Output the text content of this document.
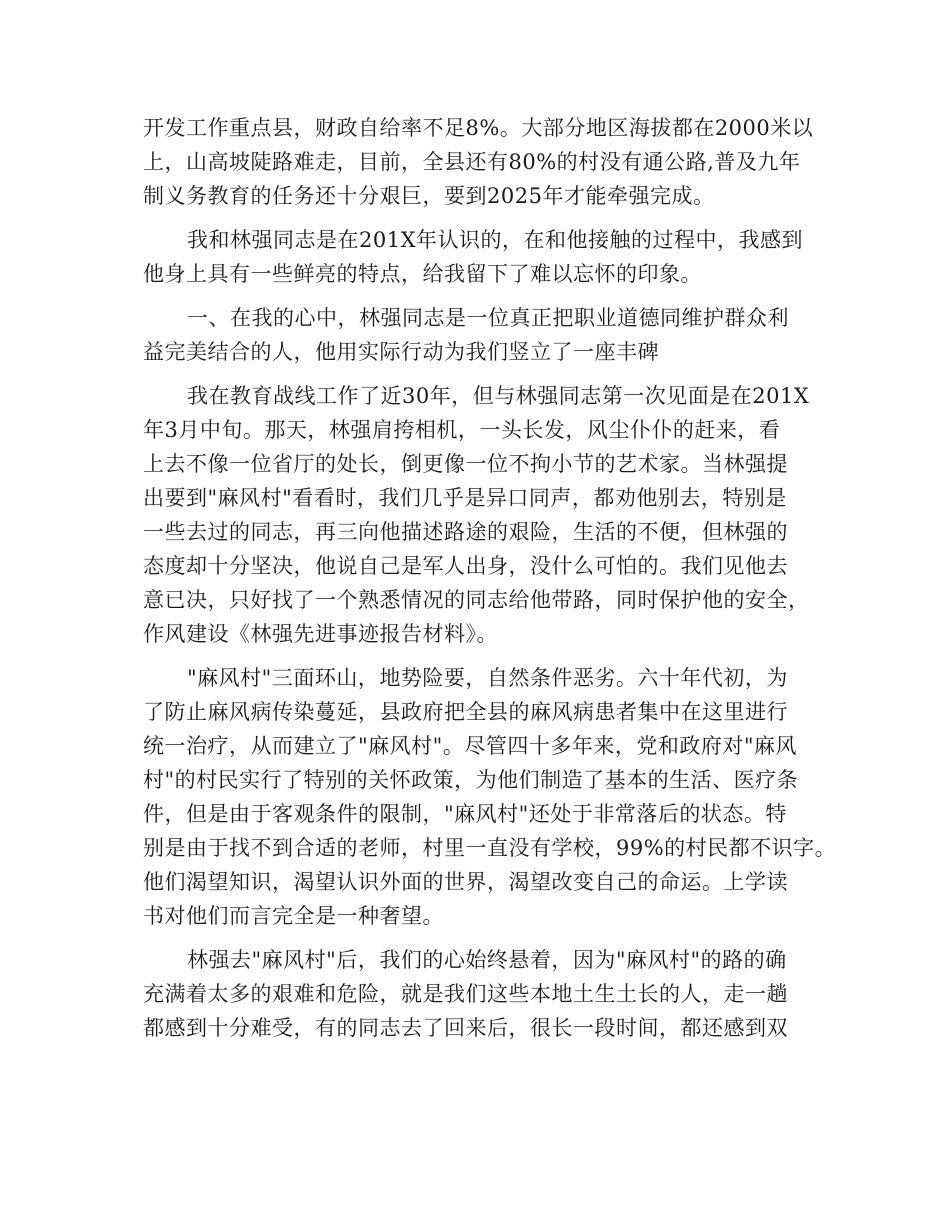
开发工作重点县，财政自给率不足8%。大部分地区海拔都在2000米以
上，山高坡陡路难走，目前，全县还有80%的村没有通公路,普及九年
制义务教育的任务还十分艰巨，要到2025年才能牵强完成。
我和林强同志是在201X年认识的，在和他接触的过程中，我感到
他身上具有一些鲜亮的特点，给我留下了难以忘怀的印象。
一、在我的心中，林强同志是一位真正把职业道德同维护群众利
益完美结合的人，他用实际行动为我们竖立了一座丰碑
我在教育战线工作了近30年，但与林强同志第一次见面是在201X
年3月中旬。那天，林强肩挎相机，一头长发，风尘仆仆的赶来，看
上去不像一位省厅的处长，倒更像一位不拘小节的艺术家。当林强提
出要到"麻风村"看看时，我们几乎是异口同声，都劝他别去，特别是
一些去过的同志，再三向他描述路途的艰险，生活的不便，但林强的
态度却十分坚决，他说自己是军人出身，没什么可怕的。我们见他去
意已决，只好找了一个熟悉情况的同志给他带路，同时保护他的安全，
作风建设《林强先进事迹报告材料》。
"麻风村"三面环山，地势险要，自然条件恶劣。六十年代初，为
了防止麻风病传染蔓延，县政府把全县的麻风病患者集中在这里进行
统一治疗，从而建立了"麻风村"。尽管四十多年来，党和政府对"麻风
村"的村民实行了特别的关怀政策，为他们制造了基本的生活、医疗条
件，但是由于客观条件的限制，"麻风村"还处于非常落后的状态。特
别是由于找不到合适的老师，村里一直没有学校，99%的村民都不识字。
他们渴望知识，渴望认识外面的世界，渴望改变自己的命运。上学读
书对他们而言完全是一种奢望。
林强去"麻风村"后，我们的心始终悬着，因为"麻风村"的路的确
充满着太多的艰难和危险，就是我们这些本地土生土长的人，走一趟
都感到十分难受，有的同志去了回来后，很长一段时间，都还感到双
